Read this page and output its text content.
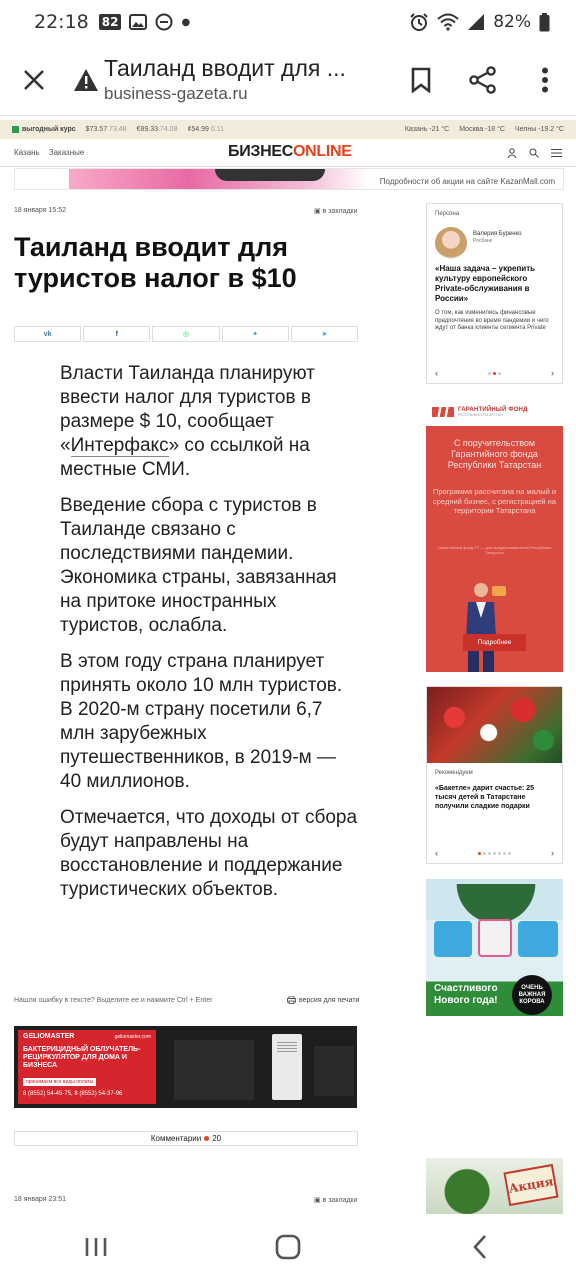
22:18 82	●	82%
Таиланд вводит для ...
business-gazeta.ru
выгодный курс $73.57 73.48 €89.33 74.08 ¢54.99 0.11	Казань -21 °C Москва -18 °C Челны -19.2 °C
Казань Заказные	БИЗНЕСONLINE
Подробности об акции на сайте KazanMall.com
18 января 15:52	▣ в закладки
Таиланд вводит для туристов налог в $10
vk	f	◎	✦	➤

Власти Таиланда планируют ввести налог для туристов в размере $ 10, сообщает «Интерфакс» со ссылкой на местные СМИ.

Введение сбора с туристов в Таиланде связано с последствиями пандемии. Экономика страны, завязанная на притоке иностранных туристов, ослабла.

В этом году страна планирует принять около 10 млн туристов. В 2020-м страну посетили 6,7 млн зарубежных путешественников, в 2019-м — 40 миллионов.

Отмечается, что доходы от сбора будут направлены на восстановление и поддержание туристических объектов.

Нашли ошибку в тексте? Выделите ее и нажмите Ctrl + Enter	версия для печати
GELIOMASTER	geliomaster.com
БАКТЕРИЦИДНЫЙ ОБЛУЧАТЕЛЬ-РЕЦИРКУЛЯТОР ДЛЯ ДОМА И БИЗНЕСА
принимаем все виды оплаты
8 (8552) 54-45-75, 8 (8552) 54-37-96
Комментарии 20
18 января 23:51	▣ в закладки
Персона
Валерия Буренко
Росбанк
«Наша задача – укрепить культуру европейского Private-обслуживания в России»
О том, как изменились финансовые предпочтения во время пандемии и чего ждут от банка клиенты сегмента Private
‹	›
ГАРАНТИЙНЫЙ ФОНД
РЕСПУБЛИКИ ТАТАРСТАН
С поручительством Гарантийного фонда Республики Татарстан
Программа рассчитана на малый и средний бизнес, с регистрацией на территории Татарстана
Гарантийный фонд РТ — для предпринимателей Республики Татарстан
Подробнее
Рекомендуем
«Бакетле» дарит счастье: 25 тысяч детей в Татарстане получили сладкие подарки
‹	›
Счастливого
Нового года!
ОЧЕНЬ ВАЖНАЯ КОРОВА
Акция
